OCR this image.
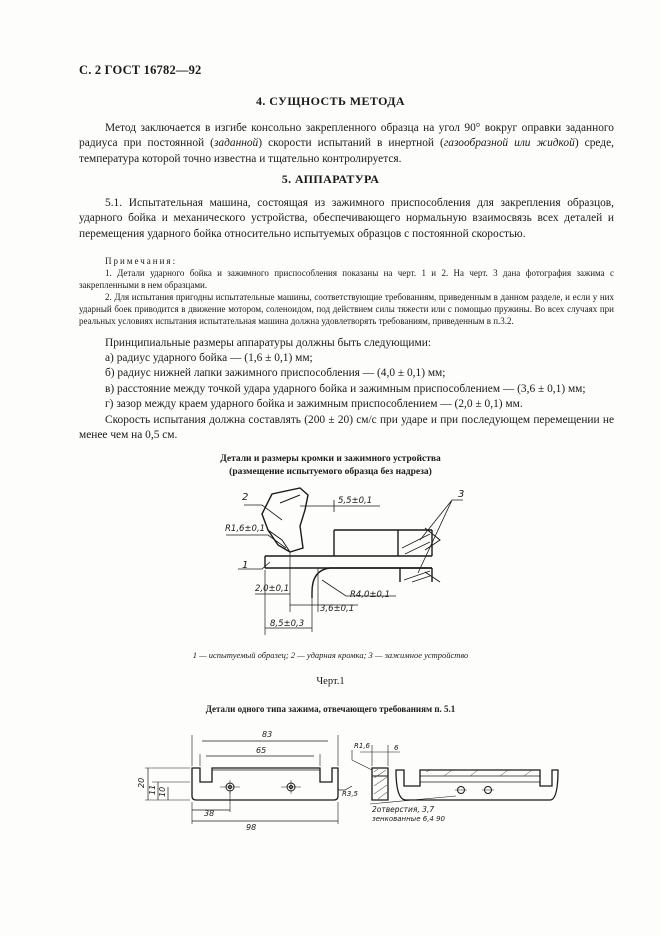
С. 2 ГОСТ 16782—92
4. СУЩНОСТЬ МЕТОДА
Метод заключается в изгибе консольно закрепленного образца на угол 90° вокруг оправки заданного радиуса при постоянной (заданной) скорости испытаний в инертной (газообразной или жидкой) среде, температура которой точно известна и тщательно контролируется.
5. АППАРАТУРА
5.1. Испытательная машина, состоящая из зажимного приспособления для закрепления образцов, ударного бойка и механического устройства, обеспечивающего нормальную взаимосвязь всех деталей и перемещения ударного бойка относительно испытуемых образцов с постоянной скоростью.
Примечания:
1. Детали ударного бойка и зажимного приспособления показаны на черт. 1 и 2. На черт. 3 дана фотография зажима с закрепленными в нем образцами.
2. Для испытания пригодны испытательные машины, соответствующие требованиям, приведенным в данном разделе, и если у них ударный боек приводится в движение мотором, соленоидом, под действием силы тяжести или с помощью пружины. Во всех случаях при реальных условиях испытания испытательная машина должна удовлетворять требованиям, приведенным в п.3.2.
Принципиальные размеры аппаратуры должны быть следующими:
а) радиус ударного бойка — (1,6 ± 0,1) мм;
б) радиус нижней лапки зажимного приспособления — (4,0 ± 0,1) мм;
в) расстояние между точкой удара ударного бойка и зажимным приспособлением — (3,6 ± 0,1) мм;
г) зазор между краем ударного бойка и зажимным приспособлением — (2,0 ± 0,1) мм.
Скорость испытания должна составлять (200 ± 20) см/с при ударе и при последующем перемещении не менее чем на 0,5 см.
Детали и размеры кромки и зажимного устройства
(размещение испытуемого образца без надреза)
2
R1,6±0,1
5,5±0,1
3
1
2,0±0,1
R4,0±0,1
3,6±0,1
8,5±0,3
1 — испытуемый образец; 2 — ударная кромка; 3 — зажимное устройство
Черт.1
Детали одного типа зажима, отвечающего требованиям п. 5.1
83
65
20
11 10
38
98
R3,5
R1,6	6
2отверстия, 3,7
зенкованные 6,4 90
